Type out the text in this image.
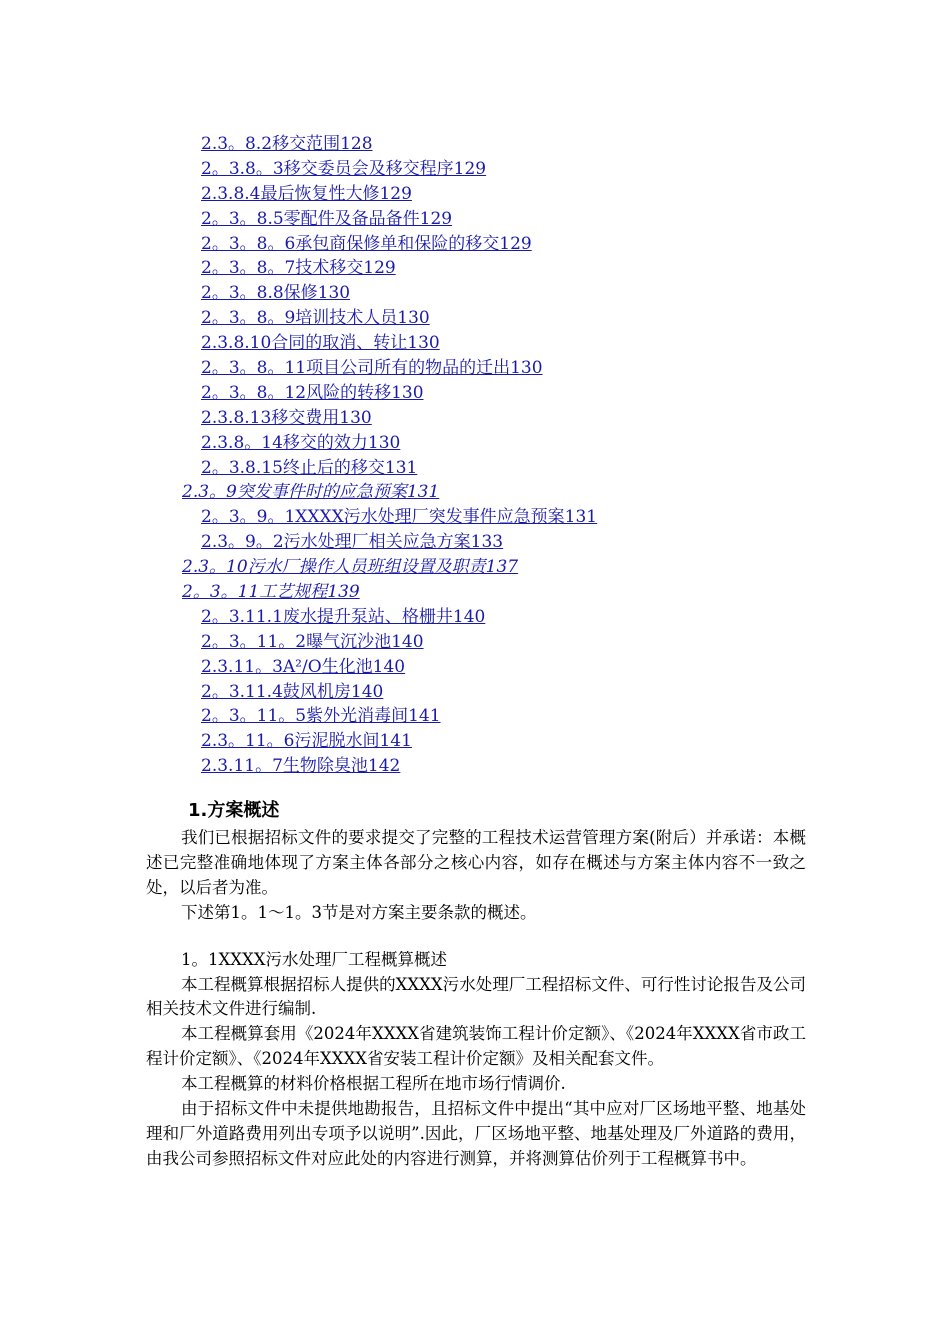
2.3。8.2移交范围128
2。3.8。3移交委员会及移交程序129
2.3.8.4最后恢复性大修129
2。3。8.5零配件及备品备件129
2。3。8。6承包商保修单和保险的移交129
2。3。8。7技术移交129
2。3。8.8保修130
2。3。8。9培训技术人员130
2.3.8.10合同的取消、转让130
2。3。8。11项目公司所有的物品的迁出130
2。3。8。12风险的转移130
2.3.8.13移交费用130
2.3.8。14移交的效力130
2。3.8.15终止后的移交131
2.3。9突发事件时的应急预案131
2。3。9。1XXXX污水处理厂突发事件应急预案131
2.3。9。2污水处理厂相关应急方案133
2.3。10污水厂操作人员班组设置及职责137
2。3。11工艺规程139
2。3.11.1废水提升泵站、格栅井140
2。3。11。2曝气沉沙池140
2.3.11。3A²/O生化池140
2。3.11.4鼓风机房140
2。3。11。5紫外光消毒间141
2.3。11。6污泥脱水间141
2.3.11。7生物除臭池142
1.方案概述

我们已根据招标文件的要求提交了完整的工程技术运营管理方案(附后）并承诺：本概述已完整准确地体现了方案主体各部分之核心内容，如存在概述与方案主体内容不一致之处，以后者为准。

下述第1。1～1。3节是对方案主要条款的概述。

1。1XXXX污水处理厂工程概算概述

本工程概算根据招标人提供的XXXX污水处理厂工程招标文件、可行性讨论报告及公司相关技术文件进行编制.

本工程概算套用《2024年XXXX省建筑装饰工程计价定额》、《2024年XXXX省市政工程计价定额》、《2024年XXXX省安装工程计价定额》及相关配套文件。

本工程概算的材料价格根据工程所在地市场行情调价.

由于招标文件中未提供地勘报告，且招标文件中提出“其中应对厂区场地平整、地基处理和厂外道路费用列出专项予以说明”.因此，厂区场地平整、地基处理及厂外道路的费用，由我公司参照招标文件对应此处的内容进行测算，并将测算估价列于工程概算书中。
